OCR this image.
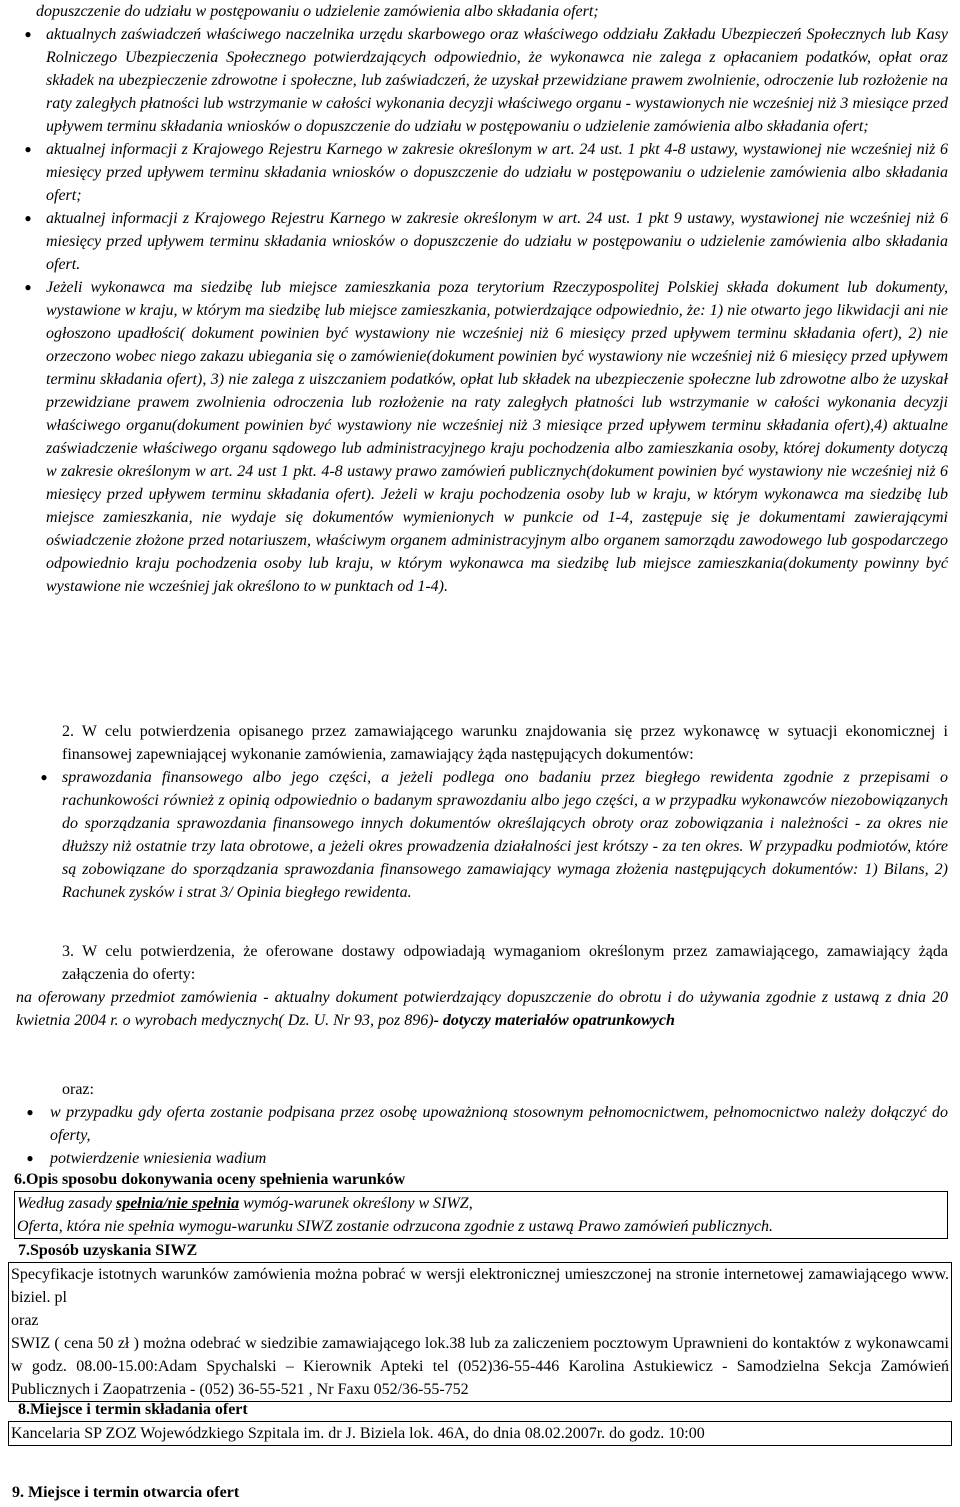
dopuszczenie do udziału w postępowaniu o udzielenie zamówienia albo składania ofert;

● aktualnych zaświadczeń właściwego naczelnika urzędu skarbowego oraz właściwego oddziału Zakładu Ubezpieczeń Społecznych lub Kasy Rolniczego Ubezpieczenia Społecznego potwierdzających odpowiednio, że wykonawca nie zalega z opłacaniem podatków, opłat oraz składek na ubezpieczenie zdrowotne i społeczne, lub zaświadczeń, że uzyskał przewidziane prawem zwolnienie, odroczenie lub rozłożenie na raty zaległych płatności lub wstrzymanie w całości wykonania decyzji właściwego organu - wystawionych nie wcześniej niż 3 miesiące przed upływem terminu składania wniosków o dopuszczenie do udziału w postępowaniu o udzielenie zamówienia albo składania ofert;
● aktualnej informacji z Krajowego Rejestru Karnego w zakresie określonym w art. 24 ust. 1 pkt 4-8 ustawy, wystawionej nie wcześniej niż 6 miesięcy przed upływem terminu składania wniosków o dopuszczenie do udziału w postępowaniu o udzielenie zamówienia albo składania ofert;
● aktualnej informacji z Krajowego Rejestru Karnego w zakresie określonym w art. 24 ust. 1 pkt 9 ustawy, wystawionej nie wcześniej niż 6 miesięcy przed upływem terminu składania wniosków o dopuszczenie do udziału w postępowaniu o udzielenie zamówienia albo składania ofert.
● Jeżeli wykonawca ma siedzibę lub miejsce zamieszkania poza terytorium Rzeczypospolitej Polskiej składa dokument lub dokumenty, wystawione w kraju, w którym ma siedzibę lub miejsce zamieszkania, potwierdzające odpowiednio, że: 1) nie otwarto jego likwidacji ani nie ogłoszono upadłości( dokument powinien być wystawiony nie wcześniej niż 6 miesięcy przed upływem terminu składania ofert), 2) nie orzeczono wobec niego zakazu ubiegania się o zamówienie(dokument powinien być wystawiony nie wcześniej niż 6 miesięcy przed upływem terminu składania ofert), 3) nie zalega z uiszczaniem podatków, opłat lub składek na ubezpieczenie społeczne lub zdrowotne albo że uzyskał przewidziane prawem zwolnienia odroczenia lub rozłożenie na raty zaległych płatności lub wstrzymanie w całości wykonania decyzji właściwego organu(dokument powinien być wystawiony nie wcześniej niż 3 miesiące przed upływem terminu składania ofert),4) aktualne zaświadczenie właściwego organu sądowego lub administracyjnego kraju pochodzenia albo zamieszkania osoby, której dokumenty dotyczą w zakresie określonym w art. 24 ust 1 pkt. 4-8 ustawy prawo zamówień publicznych(dokument powinien być wystawiony nie wcześniej niż 6 miesięcy przed upływem terminu składania ofert). Jeżeli w kraju pochodzenia osoby lub w kraju, w którym wykonawca ma siedzibę lub miejsce zamieszkania, nie wydaje się dokumentów wymienionych w punkcie od 1-4, zastępuje się je dokumentami zawierającymi oświadczenie złożone przed notariuszem, właściwym organem administracyjnym albo organem samorządu zawodowego lub gospodarczego odpowiednio kraju pochodzenia osoby lub kraju, w którym wykonawca ma siedzibę lub miejsce zamieszkania(dokumenty powinny być wystawione nie wcześniej jak określono to w punktach od 1-4).

2. W celu potwierdzenia opisanego przez zamawiającego warunku znajdowania się przez wykonawcę w sytuacji ekonomicznej i finansowej zapewniającej wykonanie zamówienia, zamawiający żąda następujących dokumentów:

● sprawozdania finansowego albo jego części, a jeżeli podlega ono badaniu przez biegłego rewidenta zgodnie z przepisami o rachunkowości również z opinią odpowiednio o badanym sprawozdaniu albo jego części, a w przypadku wykonawców niezobowiązanych do sporządzania sprawozdania finansowego innych dokumentów określających obroty oraz zobowiązania i należności - za okres nie dłuższy niż ostatnie trzy lata obrotowe, a jeżeli okres prowadzenia działalności jest krótszy - za ten okres. W przypadku podmiotów, które są zobowiązane do sporządzania sprawozdania finansowego zamawiający wymaga złożenia następujących dokumentów: 1) Bilans, 2) Rachunek zysków i strat 3/ Opinia biegłego rewidenta.

3. W celu potwierdzenia, że oferowane dostawy odpowiadają wymaganiom określonym przez zamawiającego, zamawiający żąda załączenia do oferty:

na oferowany przedmiot zamówienia - aktualny dokument potwierdzający dopuszczenie do obrotu i do używania zgodnie z ustawą z dnia 20 kwietnia 2004 r. o wyrobach medycznych( Dz. U. Nr 93, poz 896)- dotyczy materiałów opatrunkowych

oraz:

●	w przypadku gdy oferta zostanie podpisana przez osobę upoważnioną stosownym pełnomocnictwem, pełnomocnictwo należy dołączyć do oferty,
●	potwierdzenie wniesienia wadium

6.Opis sposobu dokonywania oceny spełnienia warunków

Według zasady spełnia/nie spełnia wymóg-warunek określony w SIWZ,

Oferta, która nie spełnia wymogu-warunku SIWZ zostanie odrzucona zgodnie z ustawą Prawo zamówień publicznych.

7.Sposób uzyskania SIWZ

Specyfikacje istotnych warunków zamówienia można pobrać w wersji elektronicznej umieszczonej na stronie internetowej zamawiającego www. biziel. pl

oraz

SWIZ ( cena 50 zł ) można odebrać w siedzibie zamawiającego lok.38 lub za zaliczeniem pocztowym Uprawnieni do kontaktów z wykonawcami w godz. 08.00-15.00:Adam Spychalski – Kierownik Apteki tel (052)36-55-446 Karolina Astukiewicz - Samodzielna Sekcja Zamówień Publicznych i Zaopatrzenia - (052) 36-55-521 , Nr Faxu 052/36-55-752

8.Miejsce i termin składania ofert

Kancelaria SP ZOZ Wojewódzkiego Szpitala im. dr J. Biziela lok. 46A, do dnia 08.02.2007r. do godz. 10:00

9. Miejsce i termin otwarcia ofert
